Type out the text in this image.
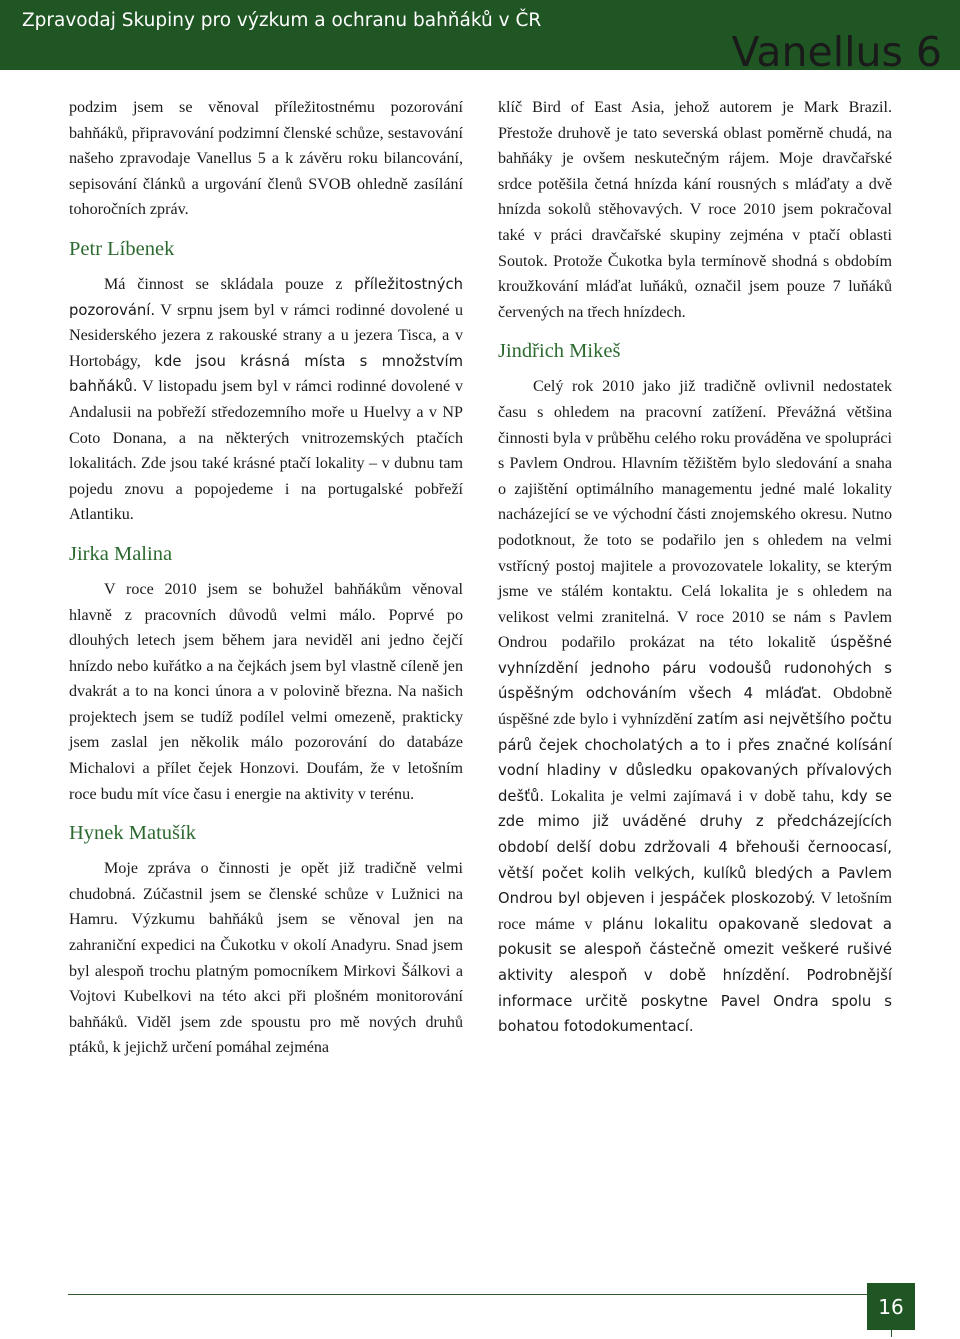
Zpravodaj Skupiny pro výzkum a ochranu bahňáků v ČR
Vanellus 6

podzim jsem se věnoval příležitostnému pozorování bahňáků, připravování podzimní členské schůze, sestavování našeho zpravodaje Vanellus 5 a k závěru roku bilancování, sepisování článků a urgování členů SVOB ohledně zasílání tohoročních zpráv.

Petr Líbenek

Má činnost se skládala pouze z příležitostných pozorování. V srpnu jsem byl v rámci rodinné dovolené u Nesiderského jezera z rakouské strany a u jezera Tisca, a v Hortobágy, kde jsou krásná místa s množstvím bahňáků. V listopadu jsem byl v rámci rodinné dovolené v Andalusii na pobřeží středozemního moře u Huelvy a v NP Coto Donana, a na některých vnitrozemských ptačích lokalitách. Zde jsou také krásné ptačí lokality – v dubnu tam pojedu znovu a popojedeme i na portugalské pobřeží Atlantiku.

Jirka Malina

V roce 2010 jsem se bohužel bahňákům věnoval hlavně z pracovních důvodů velmi málo. Poprvé po dlouhých letech jsem během jara neviděl ani jedno čejčí hnízdo nebo kuřátko a na čejkách jsem byl vlastně cíleně jen dvakrát a to na konci února a v polovině března. Na našich projektech jsem se tudíž podílel velmi omezeně, prakticky jsem zaslal jen několik málo pozorování do databáze Michalovi a přílet čejek Honzovi. Doufám, že v letošním roce budu mít více času i energie na aktivity v terénu.

Hynek Matušík

Moje zpráva o činnosti je opět již tradičně velmi chudobná. Zúčastnil jsem se členské schůze v Lužnici na Hamru. Výzkumu bahňáků jsem se věnoval jen na zahraniční expedici na Čukotku v okolí Anadyru. Snad jsem byl alespoň trochu platným pomocníkem Mirkovi Šálkovi a Vojtovi Kubelkovi na této akci při plošném monitorování bahňáků. Viděl jsem zde spoustu pro mě nových druhů ptáků, k jejichž určení pomáhal zejména

klíč Bird of East Asia, jehož autorem je Mark Brazil. Přestože druhově je tato severská oblast poměrně chudá, na bahňáky je ovšem neskutečným rájem. Moje dravčařské srdce potěšila četná hnízda kání rousných s mláďaty a dvě hnízda sokolů stěhovavých. V roce 2010 jsem pokračoval také v práci dravčařské skupiny zejména v ptačí oblasti Soutok. Protože Čukotka byla termínově shodná s obdobím kroužkování mláďat luňáků, označil jsem pouze 7 luňáků červených na třech hnízdech.

Jindřich Mikeš

Celý rok 2010 jako již tradičně ovlivnil nedostatek času s ohledem na pracovní zatížení. Převážná většina činnosti byla v průběhu celého roku prováděna ve spolupráci s Pavlem Ondrou. Hlavním těžištěm bylo sledování a snaha o zajištění optimálního managementu jedné malé lokality nacházející se ve východní části znojemského okresu. Nutno podotknout, že toto se podařilo jen s ohledem na velmi vstřícný postoj majitele a provozovatele lokality, se kterým jsme ve stálém kontaktu. Celá lokalita je s ohledem na velikost velmi zranitelná. V roce 2010 se nám s Pavlem Ondrou podařilo prokázat na této lokalitě úspěšné vyhnízdění jednoho páru vodoušů rudonohých s úspěšným odchováním všech 4 mláďat. Obdobně úspěšné zde bylo i vyhnízdění zatím asi největšího počtu párů čejek chocholatých a to i přes značné kolísání vodní hladiny v důsledku opakovaných přívalových dešťů. Lokalita je velmi zajímavá i v době tahu, kdy se zde mimo již uváděné druhy z předcházejících období delší dobu zdržovali 4 břehouši černoocasí, větší počet kolih velkých, kulíků bledých a Pavlem Ondrou byl objeven i jespáček ploskozobý. V letošním roce máme v plánu lokalitu opakovaně sledovat a pokusit se alespoň částečně omezit veškeré rušivé aktivity alespoň v době hnízdění. Podrobnější informace určitě poskytne Pavel Ondra spolu s bohatou fotodokumentací.

16
